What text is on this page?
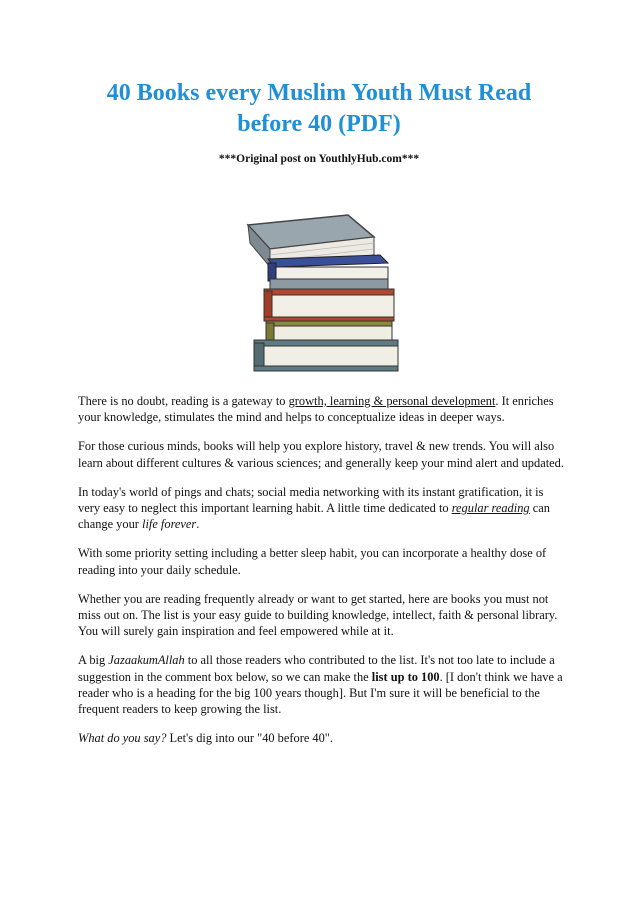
40 Books every Muslim Youth Must Read
before 40 (PDF)
***Original post on YouthlyHub.com***

There is no doubt, reading is a gateway to growth, learning & personal development. It enriches your knowledge, stimulates the mind and helps to conceptualize ideas in deeper ways.

For those curious minds, books will help you explore history, travel & new trends. You will also learn about different cultures & various sciences; and generally keep your mind alert and updated.

In today's world of pings and chats; social media networking with its instant gratification, it is very easy to neglect this important learning habit. A little time dedicated to regular reading can change your life forever.

With some priority setting including a better sleep habit, you can incorporate a healthy dose of reading into your daily schedule.

Whether you are reading frequently already or want to get started, here are books you must not miss out on. The list is your easy guide to building knowledge, intellect, faith & personal library. You will surely gain inspiration and feel empowered while at it.

A big JazaakumAllah to all those readers who contributed to the list. It's not too late to include a suggestion in the comment box below, so we can make the list up to 100. [I don't think we have a reader who is a heading for the big 100 years though]. But I'm sure it will be beneficial to the frequent readers to keep growing the list.

What do you say? Let's dig into our "40 before 40".
